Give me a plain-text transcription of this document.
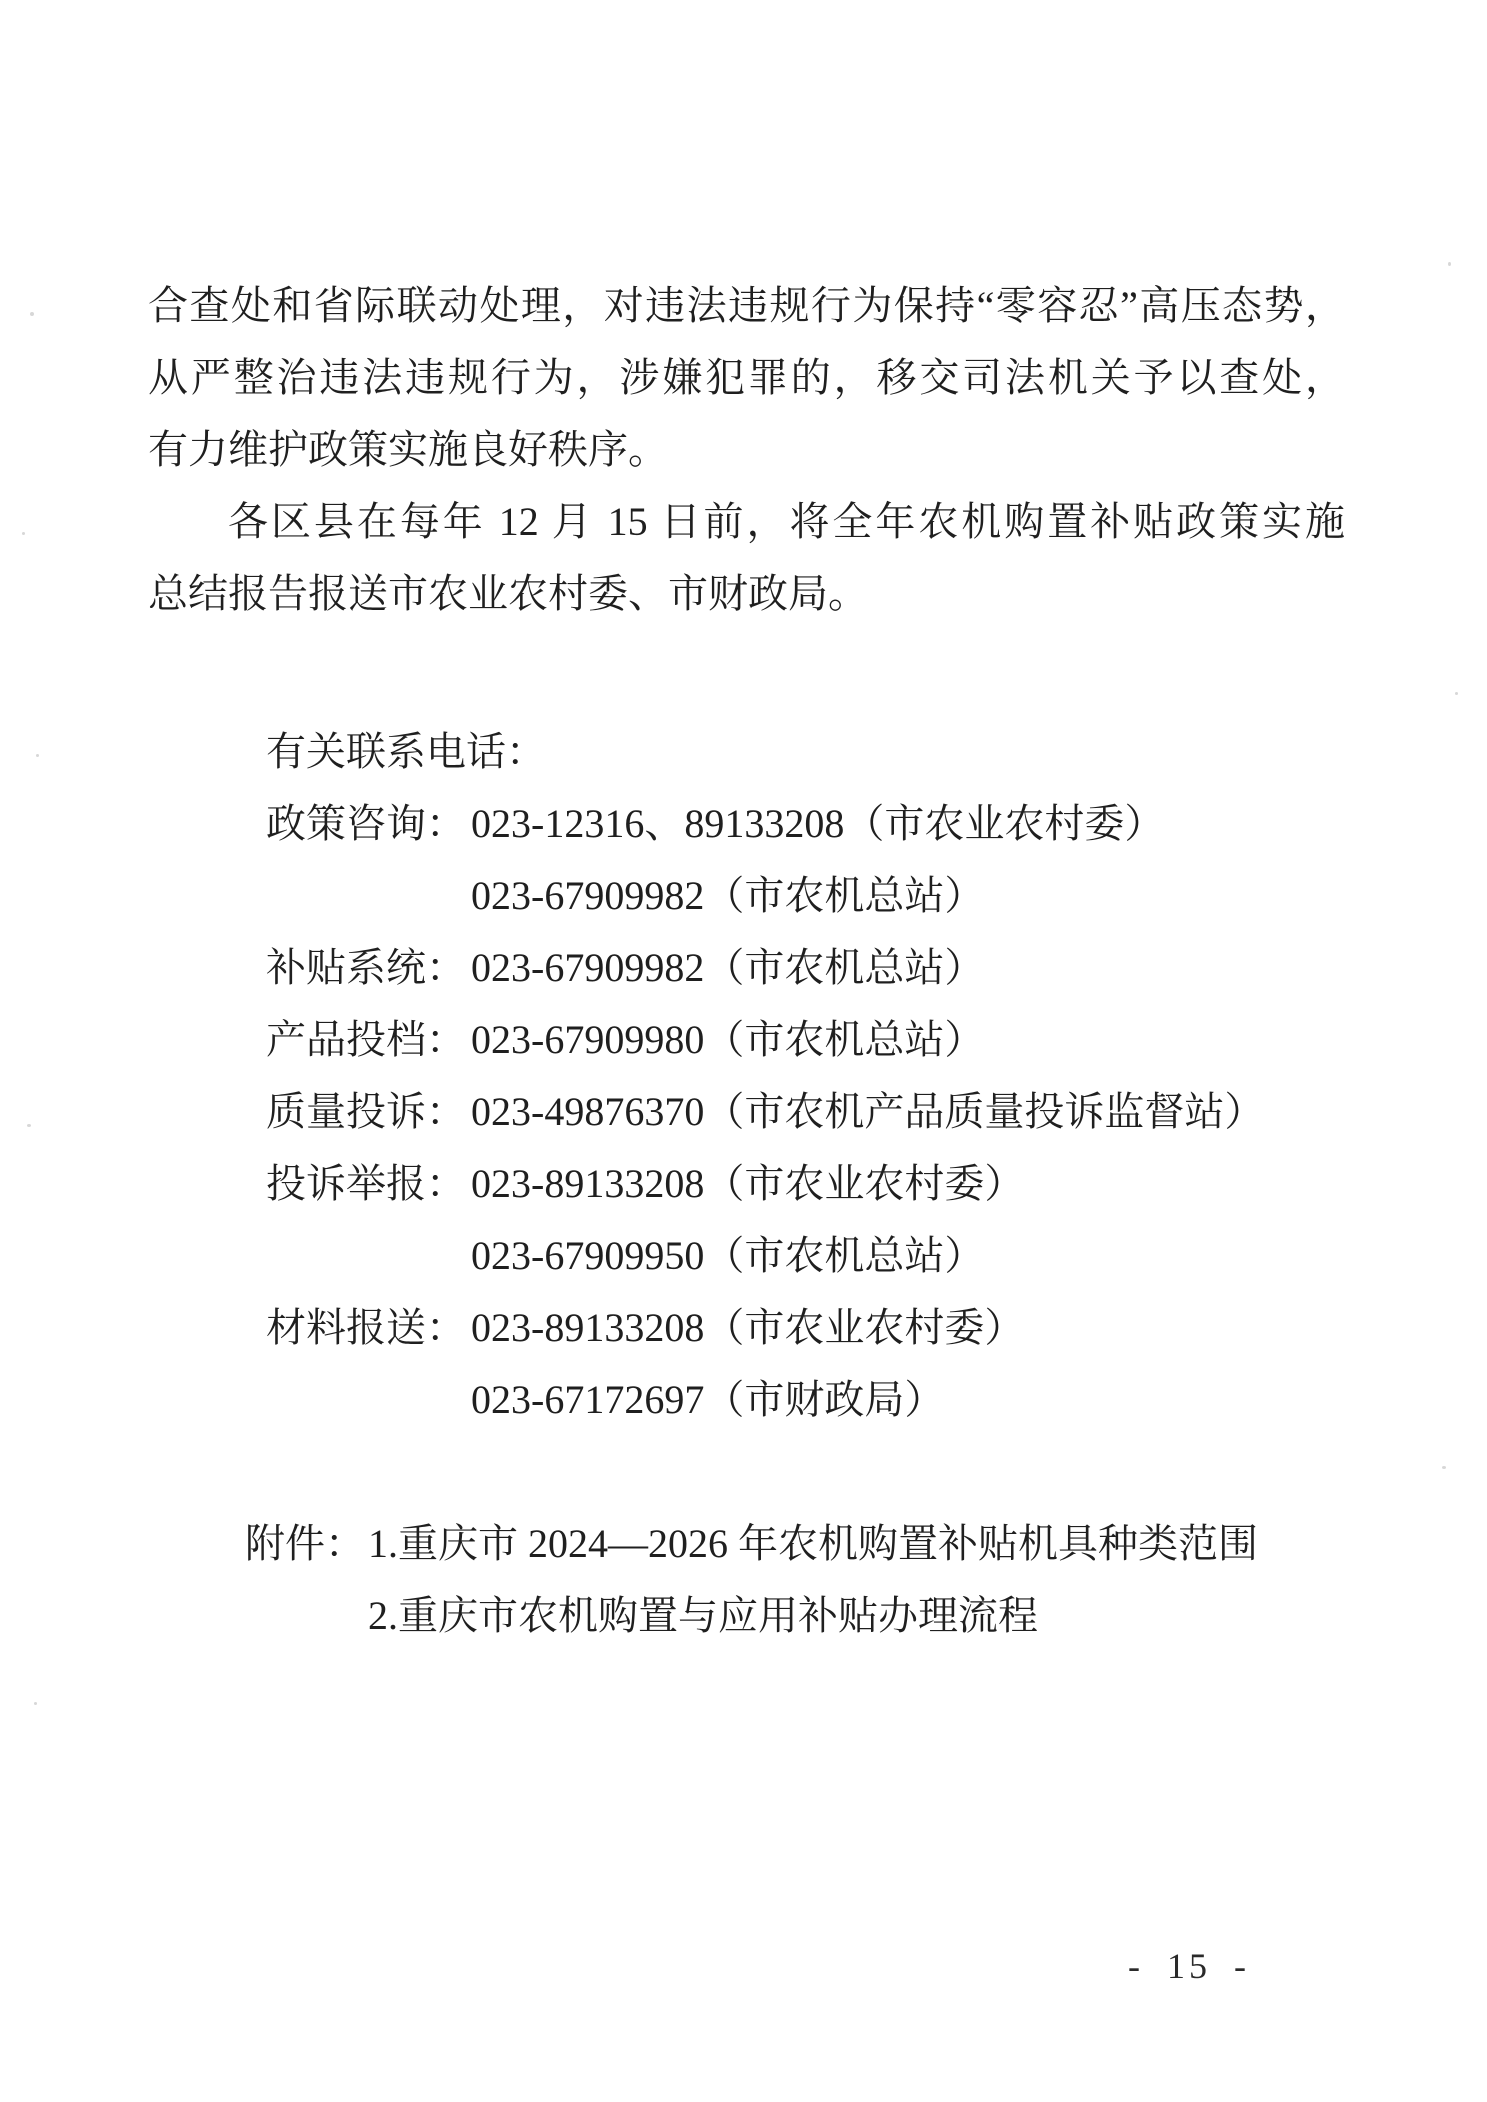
合查处和省际联动处理，对违法违规行为保持“零容忍”高压态势，
从严整治违法违规行为，涉嫌犯罪的，移交司法机关予以查处，
有力维护政策实施良好秩序。

各区县在每年 12 月 15 日前，将全年农机购置补贴政策实施
总结报告报送市农业农村委、市财政局。

有关联系电话：
政策咨询： 023-12316、89133208（市农业农村委）
023-67909982（市农机总站）
补贴系统： 023-67909982（市农机总站）
产品投档： 023-67909980（市农机总站）
质量投诉： 023-49876370（市农机产品质量投诉监督站）
投诉举报： 023-89133208（市农业农村委）
023-67909950（市农机总站）
材料报送： 023-89133208（市农业农村委）
023-67172697（市财政局）
附件：1.重庆市 2024—2026 年农机购置补贴机具种类范围
2.重庆市农机购置与应用补贴办理流程
- 15 -
